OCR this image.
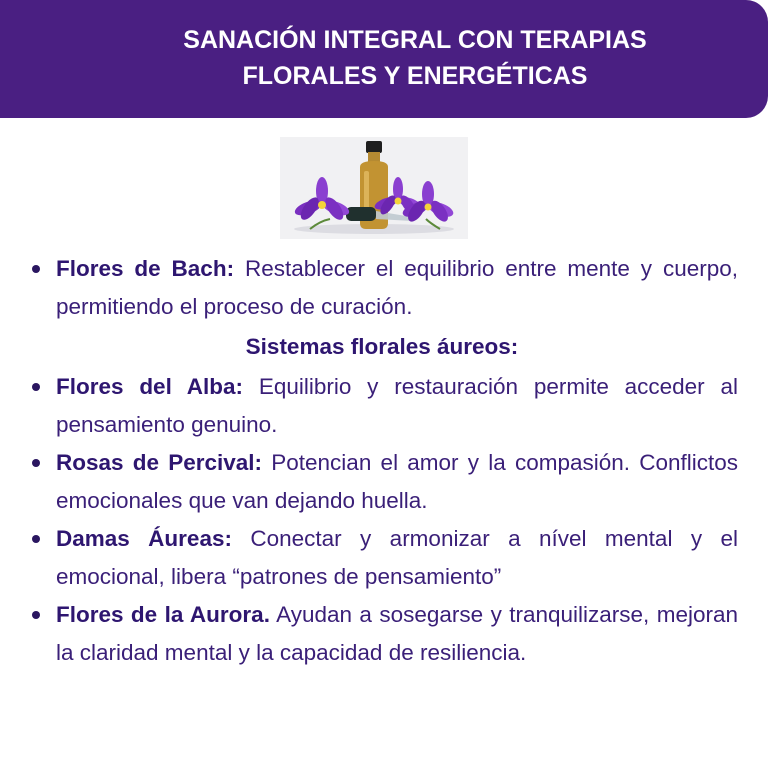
SANACIÓN INTEGRAL CON TERAPIAS
FLORALES Y ENERGÉTICAS
Flores de Bach: Restablecer el equilibrio entre mente y cuerpo, permitiendo el proceso de curación.
Sistemas florales áureos:
Flores del Alba: Equilibrio y restauración permite acceder al pensamiento genuino.
Rosas de Percival: Potencian el amor y la compasión. Conflictos emocionales que van dejando huella.
Damas Áureas: Conectar y armonizar a nível mental y el emocional, libera “patrones de pensamiento”
Flores de la Aurora. Ayudan a sosegarse y tranquilizarse, mejoran la claridad mental y la capacidad de resiliencia.
